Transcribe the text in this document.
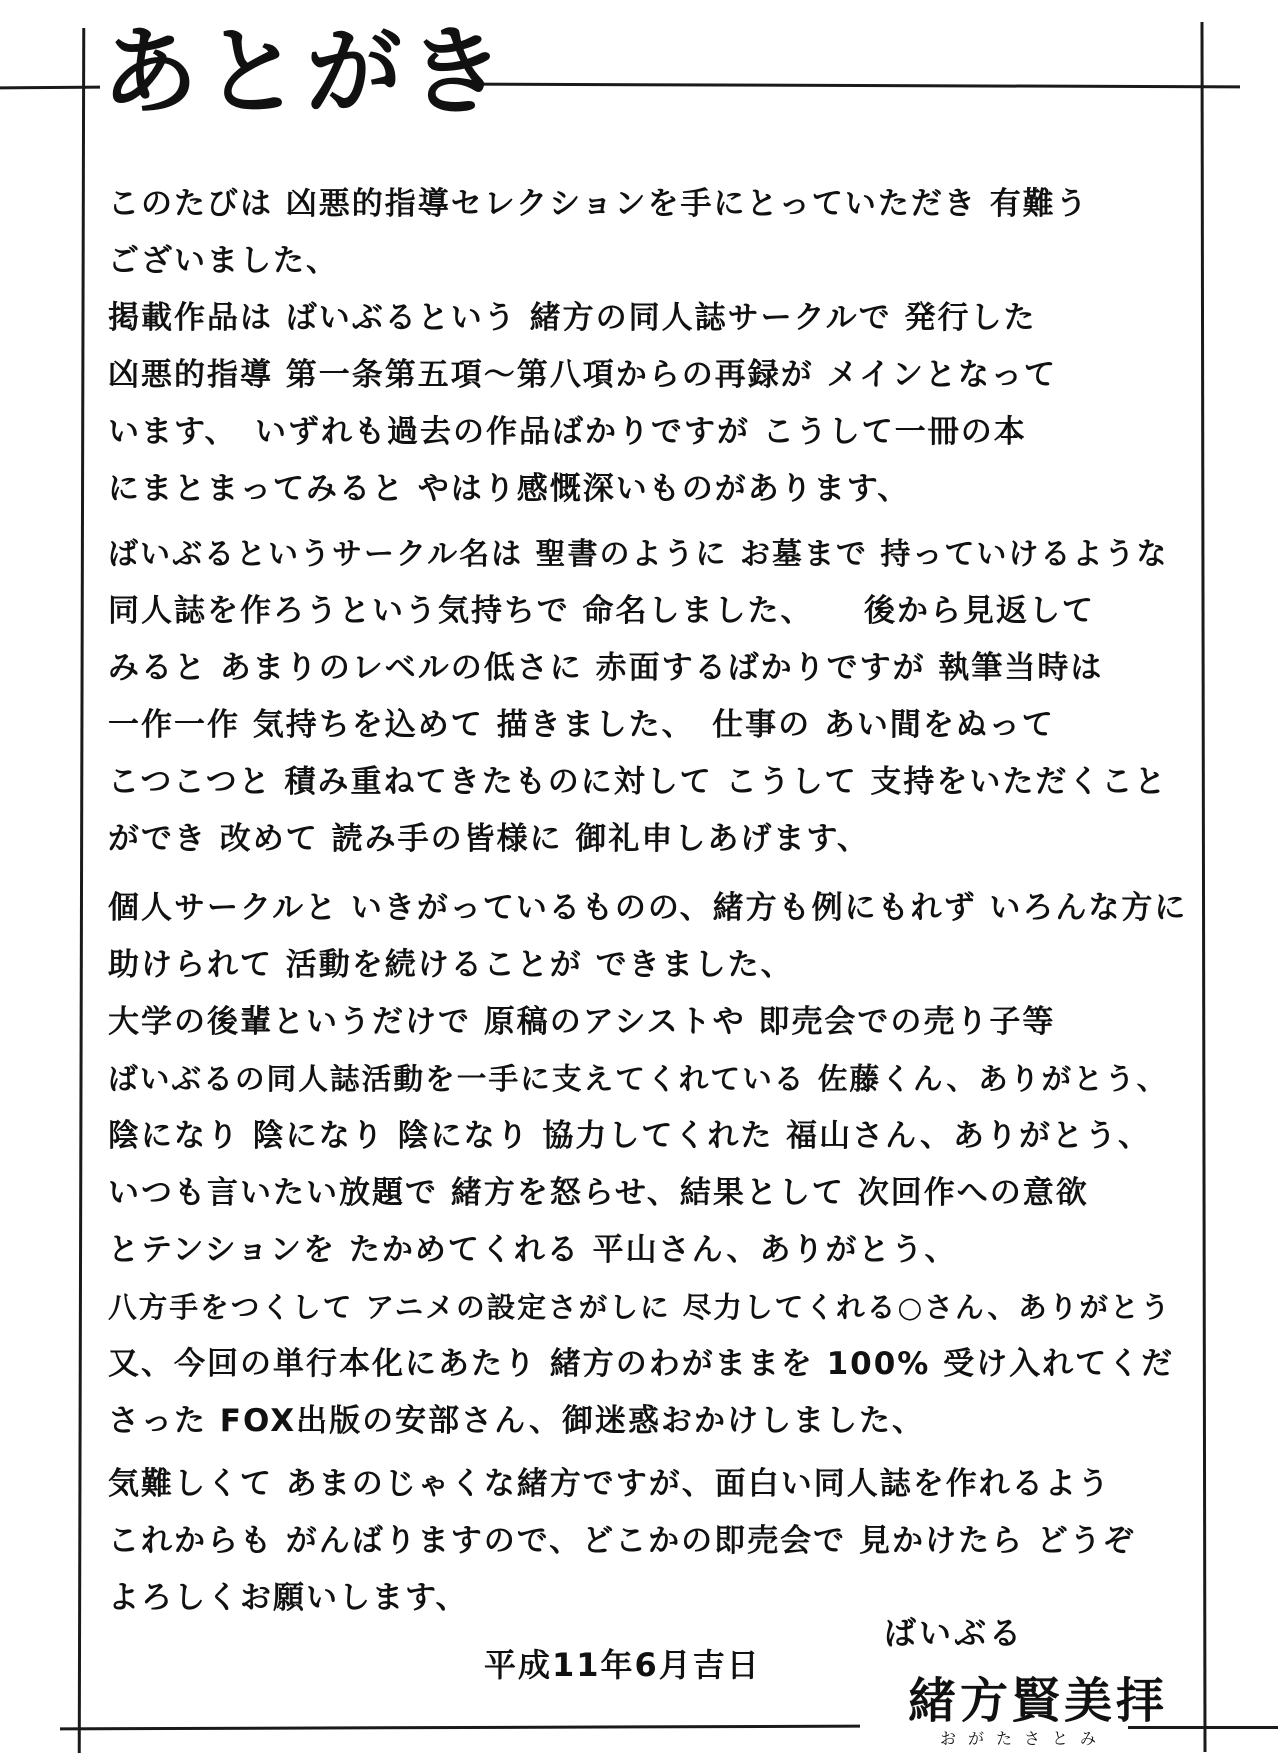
あとがき
このたびは 凶悪的指導セレクションを手にとっていただき 有難う
ございました、
掲載作品は ばいぶるという 緒方の同人誌サークルで 発行した
凶悪的指導 第一条第五項〜第八項からの再録が メインとなって
います、　いずれも過去の作品ばかりですが こうして一冊の本
にまとまってみると やはり感慨深いものがあります、
ばいぶるというサークル名は 聖書のように お墓まで 持っていけるような
同人誌を作ろうという気持ちで 命名しました、　　後から見返して
みると あまりのレベルの低さに 赤面するばかりですが 執筆当時は
一作一作 気持ちを込めて 描きました、　仕事の あい間をぬって
こつこつと 積み重ねてきたものに対して こうして 支持をいただくこと
ができ 改めて 読み手の皆様に 御礼申しあげます、
個人サークルと いきがっているものの、緒方も例にもれず いろんな方に
助けられて 活動を続けることが できました、
大学の後輩というだけで 原稿のアシストや 即売会での売り子等
ばいぶるの同人誌活動を一手に支えてくれている 佐藤くん、ありがとう、
陰になり 陰になり 陰になり 協力してくれた 福山さん、ありがとう、
いつも言いたい放題で 緒方を怒らせ、結果として 次回作への意欲
とテンションを たかめてくれる 平山さん、ありがとう、
八方手をつくして アニメの設定さがしに 尽力してくれる○さん、ありがとう
又、今回の単行本化にあたり 緒方のわがままを 100% 受け入れてくだ
さった FOX出版の安部さん、御迷惑おかけしました、
気難しくて あまのじゃくな緒方ですが、面白い同人誌を作れるよう
これからも がんばりますので、どこかの即売会で 見かけたら どうぞ
よろしくお願いします、
平成11年6月吉日
ばいぶる
緒方賢美拝
おがたさとみ
